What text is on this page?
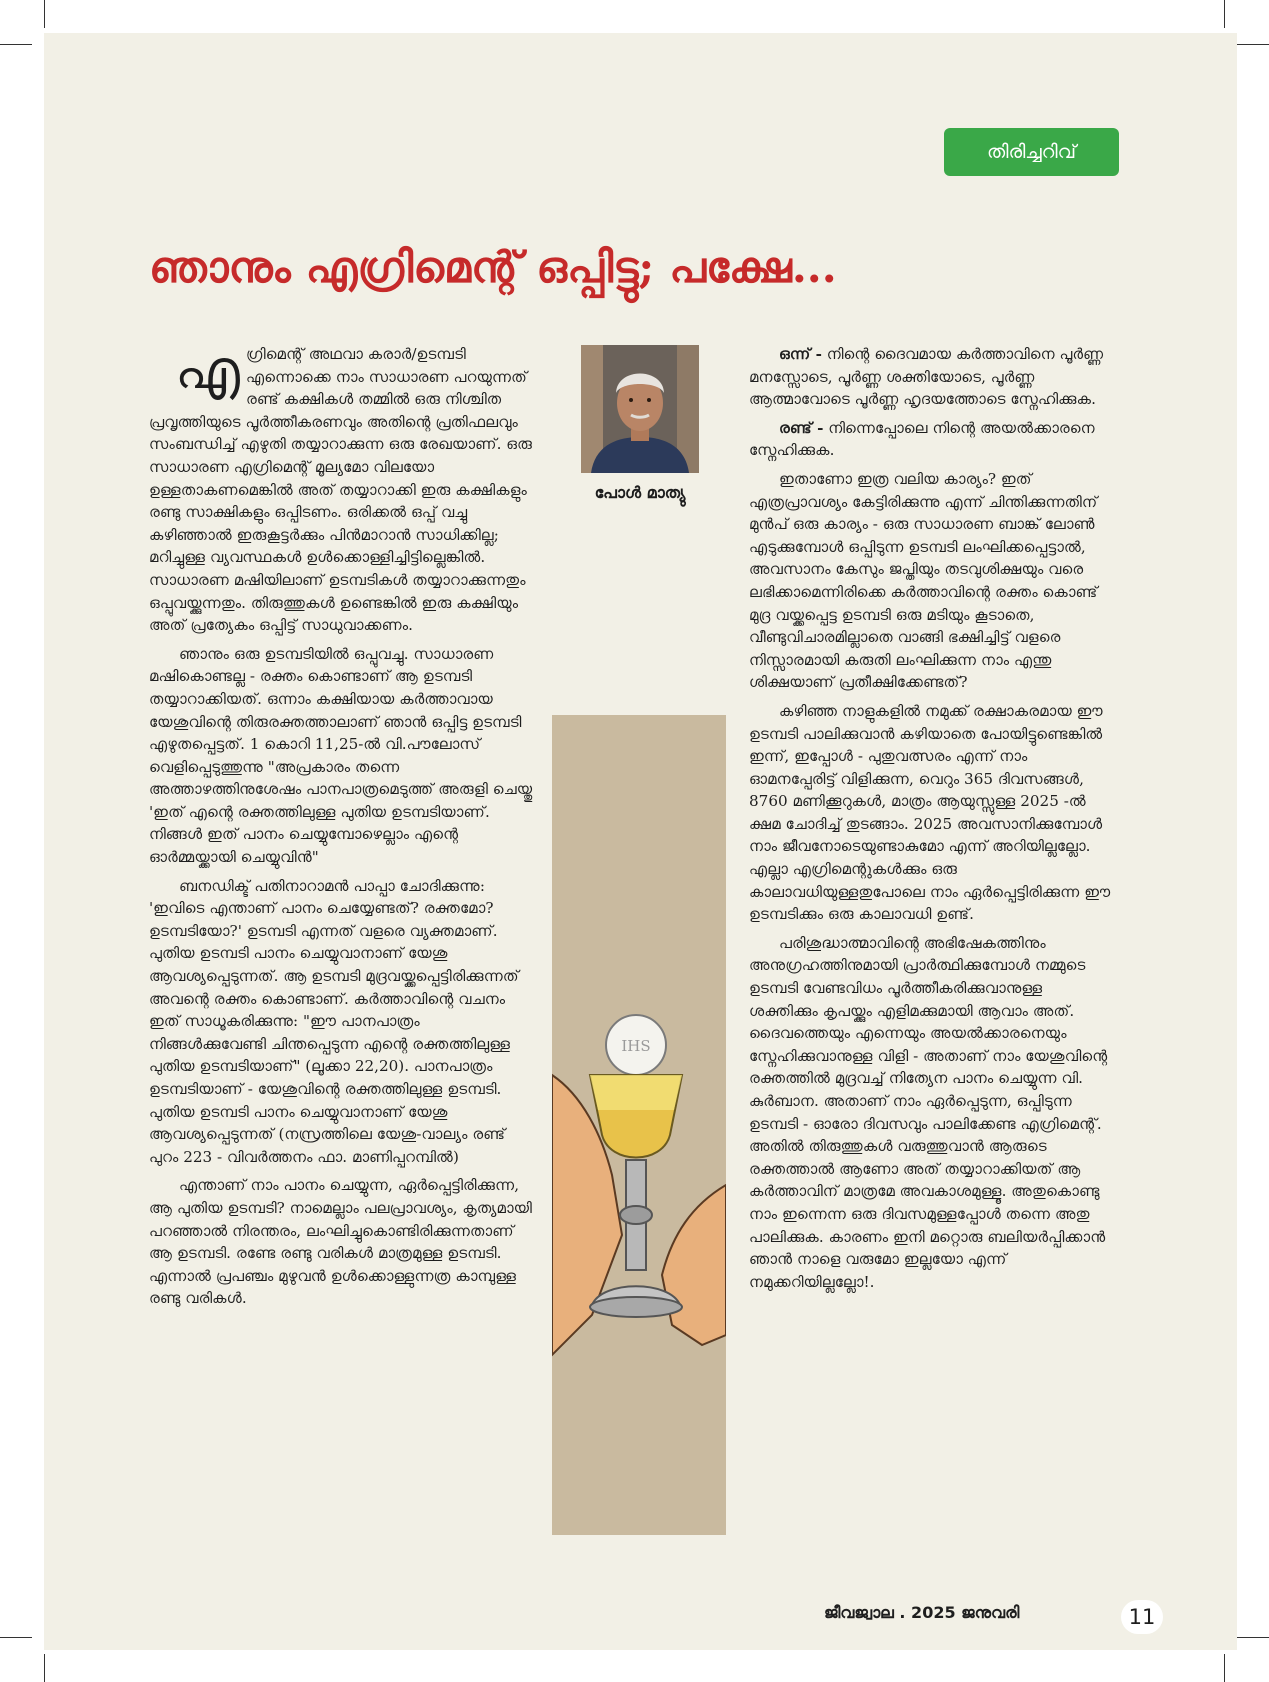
തിരിച്ചറിവ്
ഞാനും എഗ്രിമെന്റ് ഒപ്പിട്ടു; പക്ഷേ...
എ ഗ്രിമെന്റ് അഥവാ കരാര്‍/ഉടമ്പടി എന്നൊക്കെ നാം സാധാരണ പറയുന്നത് രണ്ട് കക്ഷികള്‍ തമ്മില്‍ ഒരു നിശ്ചിത പ്രവൃത്തിയുടെ പൂര്‍ത്തീകരണവും അതിന്റെ പ്രതിഫലവും സംബന്ധിച്ച് എഴുതി തയ്യാറാക്കുന്ന ഒരു രേഖയാണ്. ഒരു സാധാരണ എഗ്രിമെന്റ് മൂല്യമോ വിലയോ ഉള്ളതാകണമെങ്കില്‍ അത് തയ്യാറാക്കി ഇരു കക്ഷികളും രണ്ടു സാക്ഷികളും ഒപ്പിടണം. ഒരിക്കല്‍ ഒപ്പ് വച്ചു കഴിഞ്ഞാല്‍ ഇരുകൂട്ടര്‍ക്കും പിന്‍മാറാന്‍ സാധിക്കില്ല; മറിച്ചുള്ള വ്യവസ്ഥകള്‍ ഉള്‍ക്കൊള്ളിച്ചിട്ടില്ലെങ്കില്‍. സാധാരണ മഷിയിലാണ് ഉടമ്പടികള്‍ തയ്യാറാക്കുന്നതും ഒപ്പുവയ്ക്കുന്നതും. തിരുത്തുകള്‍ ഉണ്ടെങ്കില്‍ ഇരു കക്ഷിയും അത് പ്രത്യേകം ഒപ്പിട്ട് സാധുവാക്കണം.

ഞാനും ഒരു ഉടമ്പടിയില്‍ ഒപ്പുവച്ചു. സാധാരണ മഷികൊണ്ടല്ല - രക്തം കൊണ്ടാണ് ആ ഉടമ്പടി തയ്യാറാക്കിയത്. ഒന്നാം കക്ഷിയായ കര്‍ത്താവായ യേശുവിന്റെ തിരുരക്തത്താലാണ് ഞാന്‍ ഒപ്പിട്ട ഉടമ്പടി എഴുതപ്പെട്ടത്. 1 കൊറി 11,25-ല്‍ വി.പൗലോസ് വെളിപ്പെടുത്തുന്നു "അപ്രകാരം തന്നെ അത്താഴത്തിനുശേഷം പാനപാത്രമെടുത്ത് അരുളി ചെയ്തു 'ഇത് എന്റെ രക്തത്തിലുള്ള പുതിയ ഉടമ്പടിയാണ്. നിങ്ങള്‍ ഇത് പാനം ചെയ്യുമ്പോഴെല്ലാം എന്റെ ഓര്‍മ്മയ്ക്കായി ചെയ്യുവിന്‍"

ബനഡിക്ട് പതിനാറാമന്‍ പാപ്പാ ചോദിക്കുന്നു: 'ഇവിടെ എന്താണ് പാനം ചെയ്യേണ്ടത്? രക്തമോ? ഉടമ്പടിയോ?' ഉടമ്പടി എന്നത് വളരെ വ്യക്തമാണ്. പുതിയ ഉടമ്പടി പാനം ചെയ്യുവാനാണ് യേശു ആവശ്യപ്പെടുന്നത്. ആ ഉടമ്പടി മുദ്രവയ്ക്കപ്പെട്ടിരിക്കുന്നത് അവന്റെ രക്തം കൊണ്ടാണ്. കര്‍ത്താവിന്റെ വചനം ഇത് സാധൂകരിക്കുന്നു: "ഈ പാനപാത്രം നിങ്ങള്‍ക്കുവേണ്ടി ചിന്തപ്പെടുന്ന എന്റെ രക്തത്തിലുള്ള പുതിയ ഉടമ്പടിയാണ്" (ലൂക്കാ 22,20). പാനപാത്രം ഉടമ്പടിയാണ് - യേശുവിന്റെ രക്തത്തിലുള്ള ഉടമ്പടി. പുതിയ ഉടമ്പടി പാനം ചെയ്യുവാനാണ് യേശു ആവശ്യപ്പെടുന്നത് (നസ്രത്തിലെ യേശു-വാല്യം രണ്ട് പുറം 223 - വിവര്‍ത്തനം ഫാ. മാണിപ്പറമ്പില്‍)

എന്താണ് നാം പാനം ചെയ്യുന്ന, ഏര്‍പ്പെട്ടിരിക്കുന്ന, ആ പുതിയ ഉടമ്പടി? നാമെല്ലാം പലപ്രാവശ്യം, കൃത്യമായി പറഞ്ഞാല്‍ നിരന്തരം, ലംഘിച്ചുകൊണ്ടിരിക്കുന്നതാണ് ആ ഉടമ്പടി. രണ്ടേ രണ്ടു വരികള്‍ മാത്രമുള്ള ഉടമ്പടി. എന്നാല്‍ പ്രപഞ്ചം മുഴുവന്‍ ഉള്‍ക്കൊള്ളുന്നത്ര കാമ്പുള്ള രണ്ടു വരികള്‍.

പോള്‍ മാത്യു
IHS

ഒന്ന് - നിന്റെ ദൈവമായ കര്‍ത്താവിനെ പൂര്‍ണ്ണ മനസ്സോടെ, പൂര്‍ണ്ണ ശക്തിയോടെ, പൂര്‍ണ്ണ ആത്മാവോടെ പൂര്‍ണ്ണ ഹൃദയത്തോടെ സ്നേഹിക്കുക.

രണ്ട് - നിന്നെപ്പോലെ നിന്റെ അയല്‍ക്കാരനെ സ്നേഹിക്കുക.

ഇതാണോ ഇത്ര വലിയ കാര്യം? ഇത് എത്രപ്രാവശ്യം കേട്ടിരിക്കുന്നു എന്ന് ചിന്തിക്കുന്നതിന് മുന്‍പ് ഒരു കാര്യം - ഒരു സാധാരണ ബാങ്ക് ലോണ്‍ എടുക്കുമ്പോള്‍ ഒപ്പിടുന്ന ഉടമ്പടി ലംഘിക്കപ്പെട്ടാല്‍, അവസാനം കേസും ജപ്തിയും തടവുശിക്ഷയും വരെ ലഭിക്കാമെന്നിരിക്കെ കര്‍ത്താവിന്റെ രക്തം കൊണ്ട് മുദ്ര വയ്ക്കപ്പെട്ട ഉടമ്പടി ഒരു മടിയും കൂടാതെ, വീണ്ടുവിചാരമില്ലാതെ വാങ്ങി ഭക്ഷിച്ചിട്ട് വളരെ നിസ്സാരമായി കരുതി ലംഘിക്കുന്ന നാം എന്തു ശിക്ഷയാണ് പ്രതീക്ഷിക്കേണ്ടത്?

കഴിഞ്ഞ നാളുകളില്‍ നമുക്ക് രക്ഷാകരമായ ഈ ഉടമ്പടി പാലിക്കുവാന്‍ കഴിയാതെ പോയിട്ടുണ്ടെങ്കില്‍ ഇന്ന്, ഇപ്പോള്‍ - പുതുവത്സരം എന്ന് നാം ഓമനപ്പേരിട്ട് വിളിക്കുന്ന, വെറും 365 ദിവസങ്ങള്‍, 8760 മണിക്കൂറുകള്‍, മാത്രം ആയുസ്സുള്ള 2025 -ല്‍ ക്ഷമ ചോദിച്ച് തുടങ്ങാം. 2025 അവസാനിക്കുമ്പോള്‍ നാം ജീവനോടെയുണ്ടാകുമോ എന്ന് അറിയില്ലല്ലോ. എല്ലാ എഗ്രിമെന്റുകള്‍ക്കും ഒരു കാലാവധിയുള്ളതുപോലെ നാം ഏര്‍പ്പെട്ടിരിക്കുന്ന ഈ ഉടമ്പടിക്കും ഒരു കാലാവധി ഉണ്ട്.

പരിശുദ്ധാത്മാവിന്റെ അഭിഷേകത്തിനും അനുഗ്രഹത്തിനുമായി പ്രാര്‍ത്ഥിക്കുമ്പോള്‍ നമ്മുടെ ഉടമ്പടി വേണ്ടവിധം പൂര്‍ത്തീകരിക്കുവാനുള്ള ശക്തിക്കും കൃപയ്ക്കും എളിമക്കുമായി ആവാം അത്. ദൈവത്തെയും എന്നെയും അയല്‍ക്കാരനെയും സ്നേഹിക്കുവാനുള്ള വിളി - അതാണ് നാം യേശുവിന്റെ രക്തത്തില്‍ മുദ്രവച്ച് നിത്യേന പാനം ചെയ്യുന്ന വി. കുര്‍ബാന. അതാണ് നാം ഏര്‍പ്പെടുന്ന, ഒപ്പിടുന്ന ഉടമ്പടി - ഓരോ ദിവസവും പാലിക്കേണ്ട എഗ്രിമെന്റ്. അതില്‍ തിരുത്തുകള്‍ വരുത്തുവാന്‍ ആരുടെ രക്തത്താല്‍ ആണോ അത് തയ്യാറാക്കിയത് ആ കര്‍ത്താവിന് മാത്രമേ അവകാശമുള്ളൂ. അതുകൊണ്ടു നാം ഇന്നെന്ന ഒരു ദിവസമുള്ളപ്പോള്‍ തന്നെ അതു പാലിക്കുക. കാരണം ഇനി മറ്റൊരു ബലിയര്‍പ്പിക്കാന്‍ ഞാന്‍ നാളെ വരുമോ ഇല്ലയോ എന്ന് നമുക്കറിയില്ലല്ലോ!.

ജീവജ്വാല . 2025 ജനുവരി	11
